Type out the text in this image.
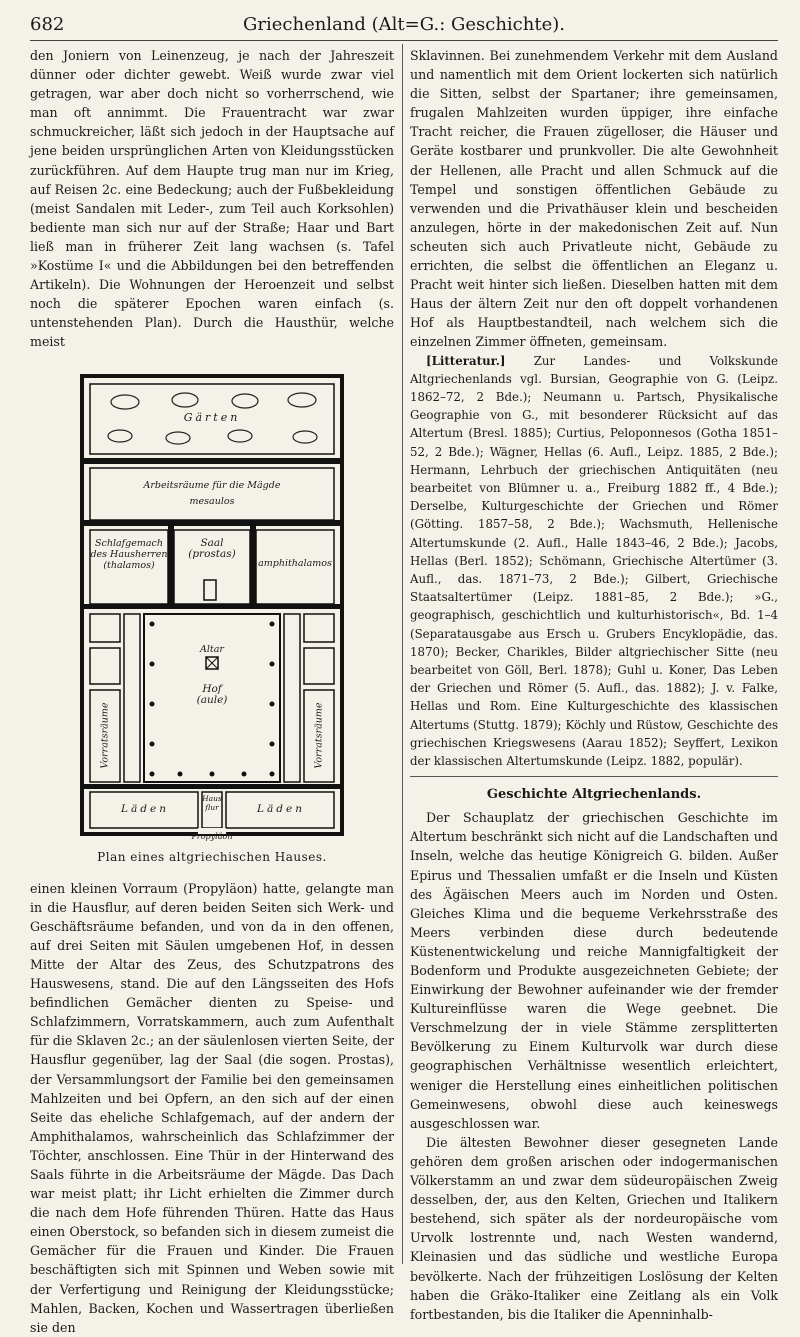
682	Griechenland (Alt=G.: Geschichte).

den Joniern von Leinenzeug, je nach der Jahreszeit dünner oder dichter gewebt. Weiß wurde zwar viel getragen, war aber doch nicht so vorherrschend, wie man oft annimmt. Die Frauentracht war zwar schmuckreicher, läßt sich jedoch in der Hauptsache auf jene beiden ursprünglichen Arten von Kleidungsstücken zurückführen. Auf dem Haupte trug man nur im Krieg, auf Reisen 2c. eine Bedeckung; auch der Fußbekleidung (meist Sandalen mit Leder-, zum Teil auch Korksohlen) bediente man sich nur auf der Straße; Haar und Bart ließ man in früherer Zeit lang wachsen (s. Tafel »Kostüme I« und die Abbildungen bei den betreffenden Artikeln). Die Wohnungen der Heroenzeit und selbst noch die späterer Epochen waren einfach (s. untenstehenden Plan). Durch die Hausthür, welche meist

Gärten
Arbeitsräume für die Mägde
mesaulos
Schlafgemach des Hausherren (thalamos)
Saal (prostas)
amphithalamos
Altar
Hof (aule)
Vorratsräume	Vorratsräume
Läden	Läden
Haus flur
Propyläon
Plan eines altgriechischen Hauses.

einen kleinen Vorraum (Propyläon) hatte, gelangte man in die Hausflur, auf deren beiden Seiten sich Werk- und Geschäftsräume befanden, und von da in den offenen, auf drei Seiten mit Säulen umgebenen Hof, in dessen Mitte der Altar des Zeus, des Schutzpatrons des Hauswesens, stand. Die auf den Längsseiten des Hofs befindlichen Gemächer dienten zu Speise- und Schlafzimmern, Vorratskammern, auch zum Aufenthalt für die Sklaven 2c.; an der säulenlosen vierten Seite, der Hausflur gegenüber, lag der Saal (die sogen. Prostas), der Versammlungsort der Familie bei den gemeinsamen Mahlzeiten und bei Opfern, an den sich auf der einen Seite das eheliche Schlafgemach, auf der andern der Amphithalamos, wahrscheinlich das Schlafzimmer der Töchter, anschlossen. Eine Thür in der Hinterwand des Saals führte in die Arbeitsräume der Mägde. Das Dach war meist platt; ihr Licht erhielten die Zimmer durch die nach dem Hofe führenden Thüren. Hatte das Haus einen Oberstock, so befanden sich in diesem zumeist die Gemächer für die Frauen und Kinder. Die Frauen beschäftigten sich mit Spinnen und Weben sowie mit der Verfertigung und Reinigung der Kleidungsstücke; Mahlen, Backen, Kochen und Wassertragen überließen sie den

Sklavinnen. Bei zunehmendem Verkehr mit dem Ausland und namentlich mit dem Orient lockerten sich natürlich die Sitten, selbst der Spartaner; ihre gemeinsamen, frugalen Mahlzeiten wurden üppiger, ihre einfache Tracht reicher, die Frauen zügelloser, die Häuser und Geräte kostbarer und prunkvoller. Die alte Gewohnheit der Hellenen, alle Pracht und allen Schmuck auf die Tempel und sonstigen öffentlichen Gebäude zu verwenden und die Privathäuser klein und bescheiden anzulegen, hörte in der makedonischen Zeit auf. Nun scheuten sich auch Privatleute nicht, Gebäude zu errichten, die selbst die öffentlichen an Eleganz u. Pracht weit hinter sich ließen. Dieselben hatten mit dem Haus der ältern Zeit nur den oft doppelt vorhandenen Hof als Hauptbestandteil, nach welchem sich die einzelnen Zimmer öffneten, gemeinsam.

[Litteratur.] Zur Landes- und Volkskunde Altgriechenlands vgl. Bursian, Geographie von G. (Leipz. 1862–72, 2 Bde.); Neumann u. Partsch, Physikalische Geographie von G., mit besonderer Rücksicht auf das Altertum (Bresl. 1885); Curtius, Peloponnesos (Gotha 1851–52, 2 Bde.); Wägner, Hellas (6. Aufl., Leipz. 1885, 2 Bde.); Hermann, Lehrbuch der griechischen Antiquitäten (neu bearbeitet von Blümner u. a., Freiburg 1882 ff., 4 Bde.); Derselbe, Kulturgeschichte der Griechen und Römer (Götting. 1857–58, 2 Bde.); Wachsmuth, Hellenische Altertumskunde (2. Aufl., Halle 1843–46, 2 Bde.); Jacobs, Hellas (Berl. 1852); Schömann, Griechische Altertümer (3. Aufl., das. 1871–73, 2 Bde.); Gilbert, Griechische Staatsaltertümer (Leipz. 1881–85, 2 Bde.); »G., geographisch, geschichtlich und kulturhistorisch«, Bd. 1–4 (Separatausgabe aus Ersch u. Grubers Encyklopädie, das. 1870); Becker, Charikles, Bilder altgriechischer Sitte (neu bearbeitet von Göll, Berl. 1878); Guhl u. Koner, Das Leben der Griechen und Römer (5. Aufl., das. 1882); J. v. Falke, Hellas und Rom. Eine Kulturgeschichte des klassischen Altertums (Stuttg. 1879); Köchly und Rüstow, Geschichte des griechischen Kriegswesens (Aarau 1852); Seyffert, Lexikon der klassischen Altertumskunde (Leipz. 1882, populär).

Geschichte Altgriechenlands.

Der Schauplatz der griechischen Geschichte im Altertum beschränkt sich nicht auf die Landschaften und Inseln, welche das heutige Königreich G. bilden. Außer Epirus und Thessalien umfaßt er die Inseln und Küsten des Ägäischen Meers auch im Norden und Osten. Gleiches Klima und die bequeme Verkehrsstraße des Meers verbinden diese durch bedeutende Küstenentwickelung und reiche Mannigfaltigkeit der Bodenform und Produkte ausgezeichneten Gebiete; der Einwirkung der Bewohner aufeinander wie der fremder Kultureinflüsse waren die Wege geebnet. Die Verschmelzung der in viele Stämme zersplitterten Bevölkerung zu Einem Kulturvolk war durch diese geographischen Verhältnisse wesentlich erleichtert, weniger die Herstellung eines einheitlichen politischen Gemeinwesens, obwohl diese auch keineswegs ausgeschlossen war.

Die ältesten Bewohner dieser gesegneten Lande gehören dem großen arischen oder indogermanischen Völkerstamm an und zwar dem südeuropäischen Zweig desselben, der, aus den Kelten, Griechen und Italikern bestehend, sich später als der nordeuropäische vom Urvolk lostrennte und, nach Westen wandernd, Kleinasien und das südliche und westliche Europa bevölkerte. Nach der frühzeitigen Loslösung der Kelten haben die Gräko-Italiker eine Zeitlang als ein Volk fortbestanden, bis die Italiker die Apenninhalb-
